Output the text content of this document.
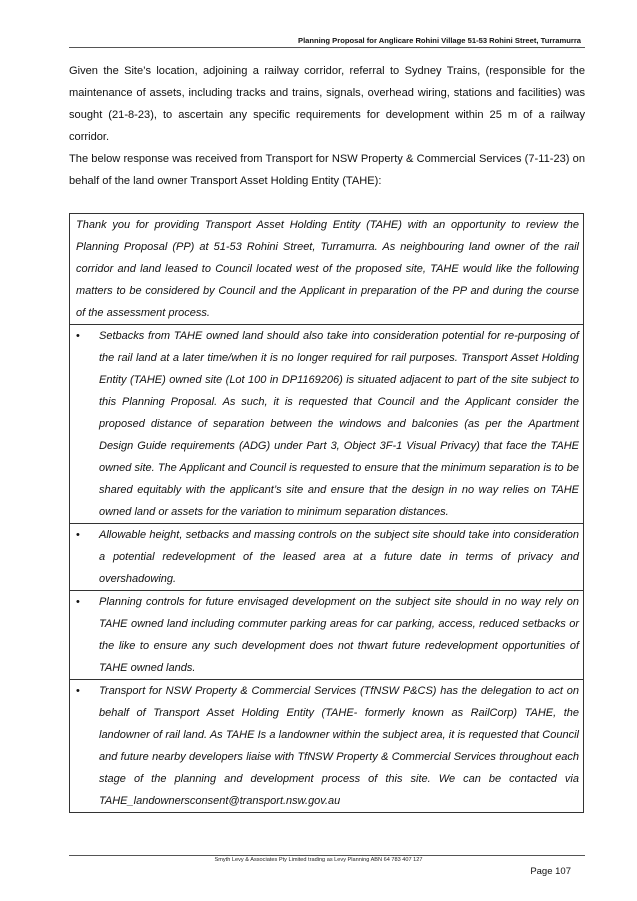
Planning Proposal for Anglicare Rohini Village 51-53 Rohini Street, Turramurra
Given the Site’s location, adjoining a railway corridor, referral to Sydney Trains, (responsible for the maintenance of assets, including tracks and trains, signals, overhead wiring, stations and facilities) was sought (21-8-23), to ascertain any specific requirements for development within 25 m of a railway corridor.
The below response was received from Transport for NSW Property & Commercial Services (7-11-23) on behalf of the land owner Transport Asset Holding Entity (TAHE):
Thank you for providing Transport Asset Holding Entity (TAHE) with an opportunity to review the Planning Proposal (PP) at 51-53 Rohini Street, Turramurra. As neighbouring land owner of the rail corridor and land leased to Council located west of the proposed site, TAHE would like the following matters to be considered by Council and the Applicant in preparation of the PP and during the course of the assessment process.
• Setbacks from TAHE owned land should also take into consideration potential for re-purposing of the rail land at a later time/when it is no longer required for rail purposes. Transport Asset Holding Entity (TAHE) owned site (Lot 100 in DP1169206) is situated adjacent to part of the site subject to this Planning Proposal. As such, it is requested that Council and the Applicant consider the proposed distance of separation between the windows and balconies (as per the Apartment Design Guide requirements (ADG) under Part 3, Object 3F-1 Visual Privacy) that face the TAHE owned site. The Applicant and Council is requested to ensure that the minimum separation is to be shared equitably with the applicant’s site and ensure that the design in no way relies on TAHE owned land or assets for the variation to minimum separation distances.
• Allowable height, setbacks and massing controls on the subject site should take into consideration a potential redevelopment of the leased area at a future date in terms of privacy and overshadowing.
• Planning controls for future envisaged development on the subject site should in no way rely on TAHE owned land including commuter parking areas for car parking, access, reduced setbacks or the like to ensure any such development does not thwart future redevelopment opportunities of TAHE owned lands.
• Transport for NSW Property & Commercial Services (TfNSW P&CS) has the delegation to act on behalf of Transport Asset Holding Entity (TAHE- formerly known as RailCorp) TAHE, the landowner of rail land. As TAHE Is a landowner within the subject area, it is requested that Council and future nearby developers liaise with TfNSW Property & Commercial Services throughout each stage of the planning and development process of this site. We can be contacted via TAHE_landownersconsent@transport.nsw.gov.au
Smyth Levy & Associates Pty Limited trading as Levy Planning ABN 64 783 407 127
Page 107
